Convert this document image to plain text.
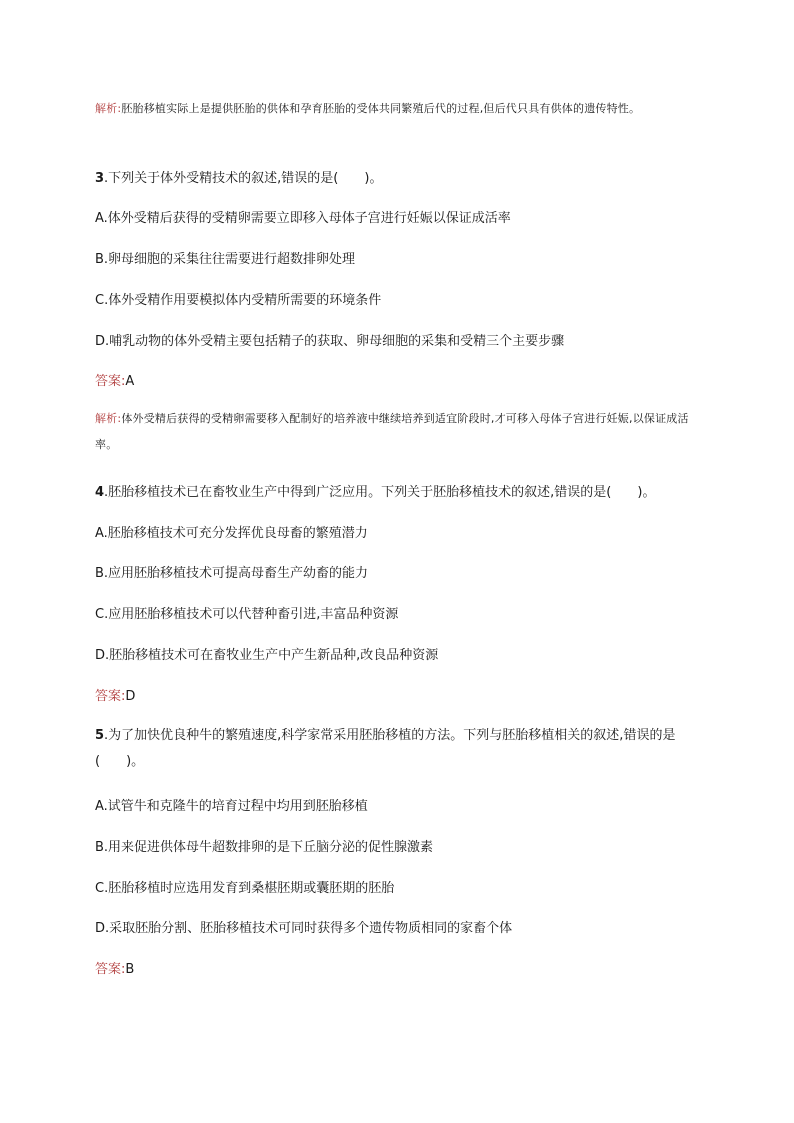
解析:胚胎移植实际上是提供胚胎的供体和孕育胚胎的受体共同繁殖后代的过程,但后代只具有供体的遗传特性。

3.下列关于体外受精技术的叙述,错误的是(　　)。

A.体外受精后获得的受精卵需要立即移入母体子宫进行妊娠以保证成活率

B.卵母细胞的采集往往需要进行超数排卵处理

C.体外受精作用要模拟体内受精所需要的环境条件

D.哺乳动物的体外受精主要包括精子的获取、卵母细胞的采集和受精三个主要步骤

答案:A

解析:体外受精后获得的受精卵需要移入配制好的培养液中继续培养到适宜阶段时,才可移入母体子宫进行妊娠,以保证成活率。

4.胚胎移植技术已在畜牧业生产中得到广泛应用。下列关于胚胎移植技术的叙述,错误的是(　　)。

A.胚胎移植技术可充分发挥优良母畜的繁殖潜力

B.应用胚胎移植技术可提高母畜生产幼畜的能力

C.应用胚胎移植技术可以代替种畜引进,丰富品种资源

D.胚胎移植技术可在畜牧业生产中产生新品种,改良品种资源

答案:D

5.为了加快优良种牛的繁殖速度,科学家常采用胚胎移植的方法。下列与胚胎移植相关的叙述,错误的是(　　)。

A.试管牛和克隆牛的培育过程中均用到胚胎移植

B.用来促进供体母牛超数排卵的是下丘脑分泌的促性腺激素

C.胚胎移植时应选用发育到桑椹胚期或囊胚期的胚胎

D.采取胚胎分割、胚胎移植技术可同时获得多个遗传物质相同的家畜个体

答案:B
